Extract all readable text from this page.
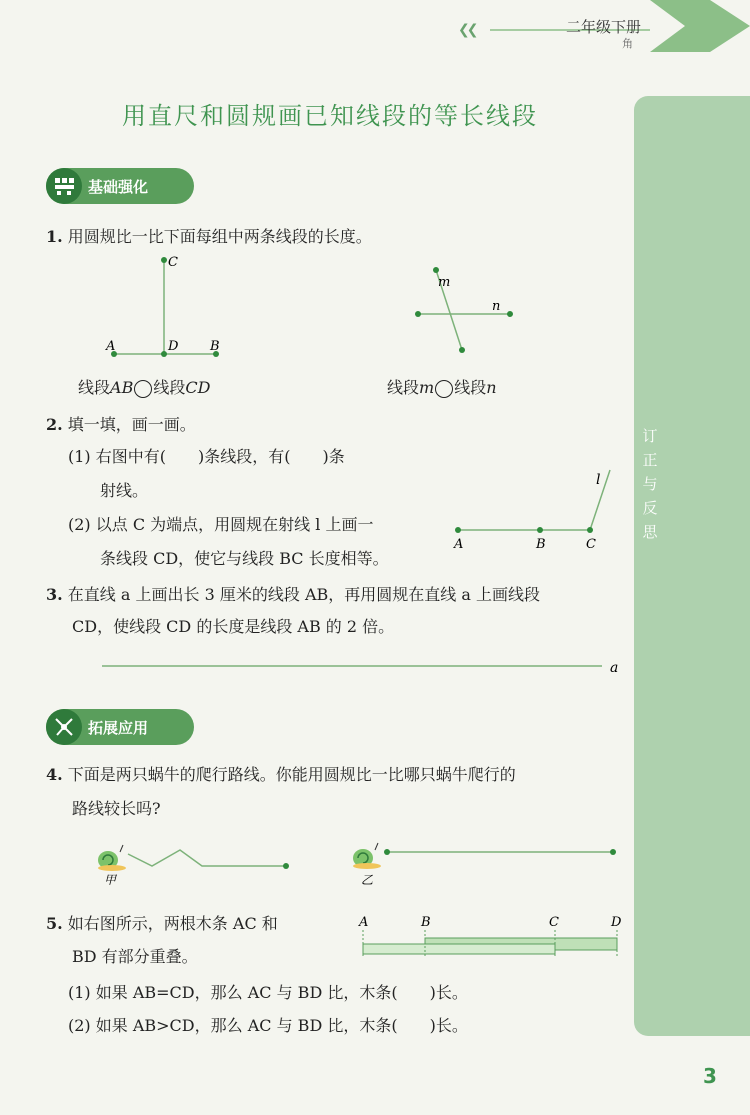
❮❮	二年级下册
角
用直尺和圆规画已知线段的等长线段
订
正
与
反
思
基础强化
1. 用圆规比一比下面每组中两条线段的长度。
C
A	D B
m
n
线段AB 线段CD	线段m 线段n
2. 填一填，画一画。
(1) 右图中有(　　)条线段，有(　　)条
射线。
(2) 以点 C 为端点，用圆规在射线 l 上画一
条线段 CD，使它与线段 BC 长度相等。
A	B	C
l
3. 在直线 a 上画出长 3 厘米的线段 AB，再用圆规在直线 a 上画线段
CD，使线段 CD 的长度是线段 AB 的 2 倍。
a
拓展应用
4. 下面是两只蜗牛的爬行路线。你能用圆规比一比哪只蜗牛爬行的
路线较长吗?
甲	乙
5. 如右图所示，两根木条 AC 和
BD 有部分重叠。
(1) 如果 AB=CD，那么 AC 与 BD 比，木条(　　)长。
(2) 如果 AB>CD，那么 AC 与 BD 比，木条(　　)长。
A	B	C	D
3
